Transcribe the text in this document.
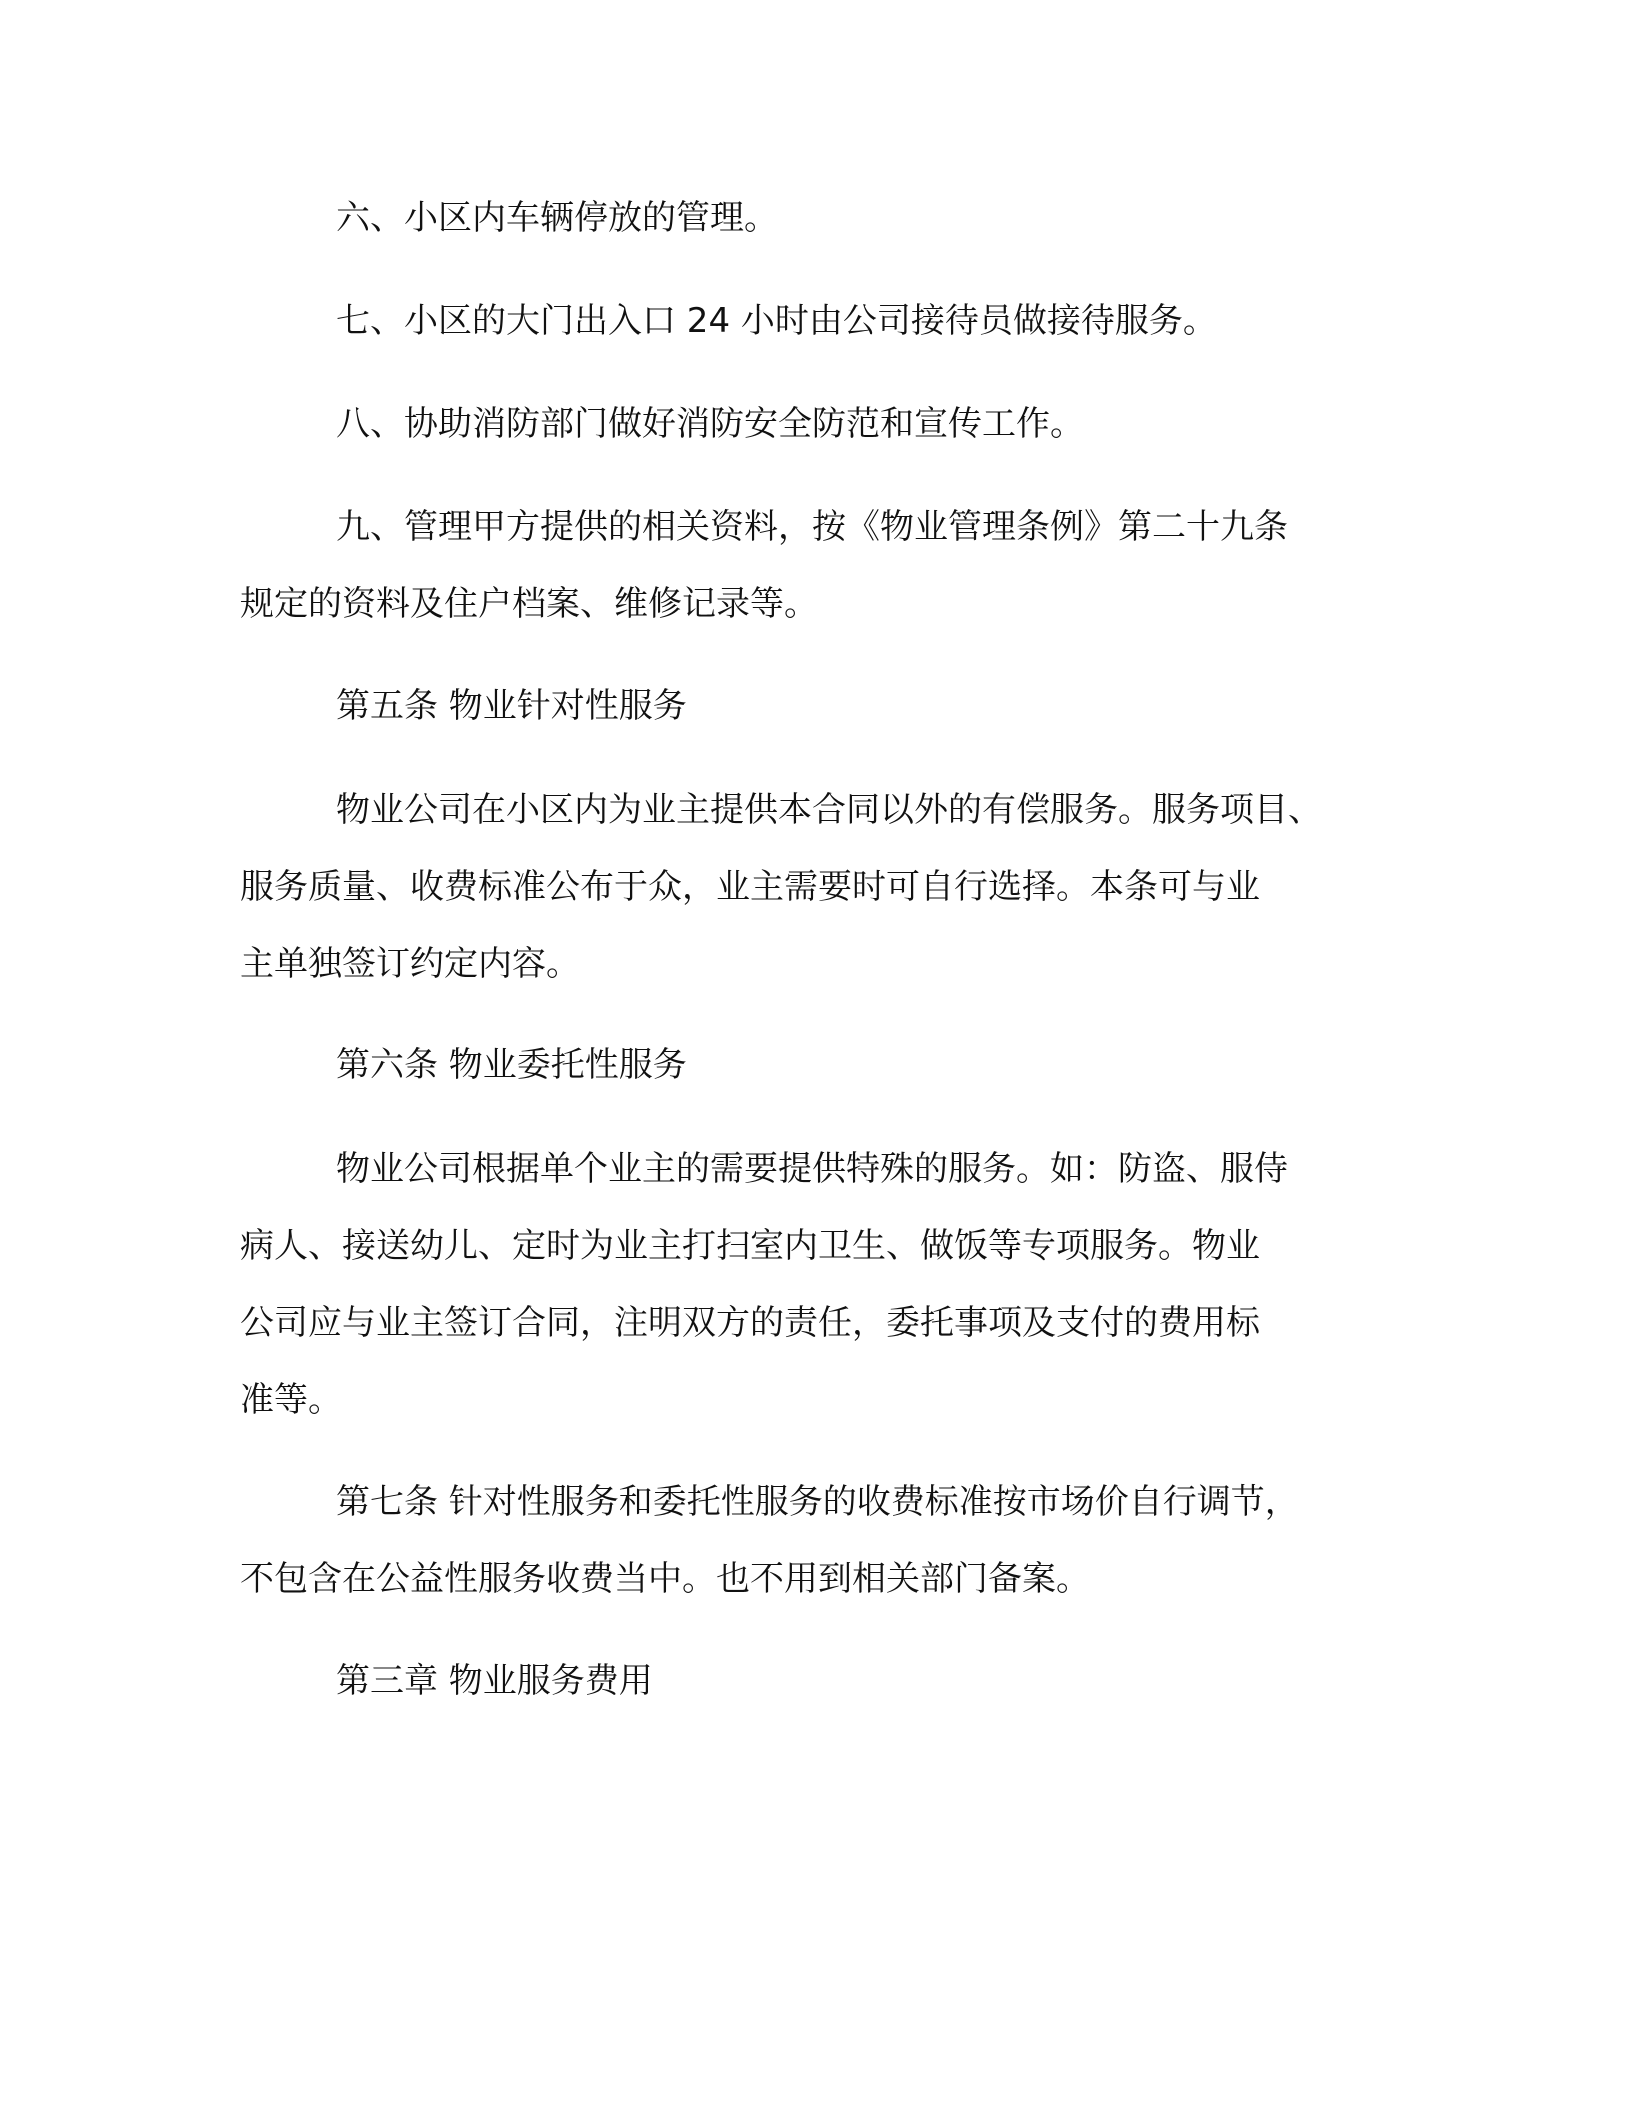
六、小区内车辆停放的管理。
七、小区的大门出入口 24 小时由公司接待员做接待服务。
八、协助消防部门做好消防安全防范和宣传工作。
九、管理甲方提供的相关资料，按《物业管理条例》第二十九条
规定的资料及住户档案、维修记录等。
第五条 物业针对性服务
物业公司在小区内为业主提供本合同以外的有偿服务。服务项目、
服务质量、收费标准公布于众，业主需要时可自行选择。本条可与业
主单独签订约定内容。
第六条 物业委托性服务
物业公司根据单个业主的需要提供特殊的服务。如：防盗、服侍
病人、接送幼儿、定时为业主打扫室内卫生、做饭等专项服务。物业
公司应与业主签订合同，注明双方的责任，委托事项及支付的费用标
准等。
第七条 针对性服务和委托性服务的收费标准按市场价自行调节，
不包含在公益性服务收费当中。也不用到相关部门备案。
第三章 物业服务费用
